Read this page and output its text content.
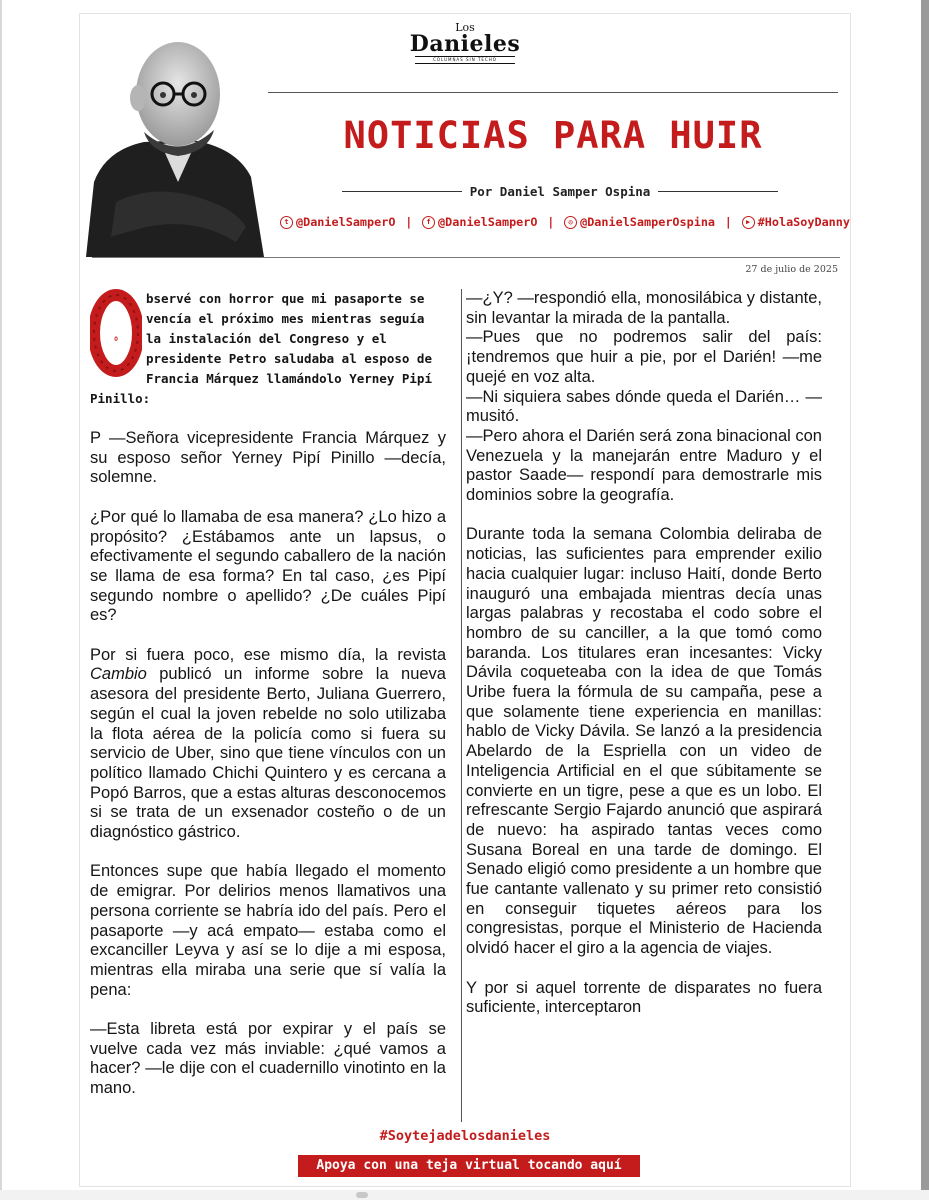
Los
Danieles
COLUMNAS SIN TECHO
NOTICIAS PARA HUIR
Por Daniel Samper Ospina
t @DanielSamperO |	f @DanielSamperO |	◎ @DanielSamperOspina |	▶ #HolaSoyDanny
27 de julio de 2025
O
bservé con horror que mi pasaporte se vencía el próximo mes mientras seguía la instalación del Congreso y el presidente Petro saludaba al esposo de Francia Márquez llamándolo Yerney Pipí Pinillo:

P —Señora vicepresidente Francia Márquez y su esposo señor Yerney Pipí Pinillo —decía, solemne.

¿Por qué lo llamaba de esa manera? ¿Lo hizo a propósito? ¿Estábamos ante un lapsus, o efectivamente el segundo caballero de la nación se llama de esa forma? En tal caso, ¿es Pipí segundo nombre o apellido? ¿De cuáles Pipí es?

Por si fuera poco, ese mismo día, la revista Cambio publicó un informe sobre la nueva asesora del presidente Berto, Juliana Guerrero, según el cual la joven rebelde no solo utilizaba la flota aérea de la policía como si fuera su servicio de Uber, sino que tiene vínculos con un político llamado Chichi Quintero y es cercana a Popó Barros, que a estas alturas desconocemos si se trata de un exsenador costeño o de un diagnóstico gástrico.

Entonces supe que había llegado el momento de emigrar. Por delirios menos llamativos una persona corriente se habría ido del país. Pero el pasaporte —y acá empato— estaba como el excanciller Leyva y así se lo dije a mi esposa, mientras ella miraba una serie que sí valía la pena:

—Esta libreta está por expirar y el país se vuelve cada vez más inviable: ¿qué vamos a hacer? —le dije con el cuadernillo vinotinto en la mano.

—¿Y? —respondió ella, monosilábica y distante, sin levantar la mirada de la pantalla.

—Pues que no podremos salir del país: ¡tendremos que huir a pie, por el Darién! —me quejé en voz alta.

—Ni siquiera sabes dónde queda el Darién… —musitó.

—Pero ahora el Darién será zona binacional con Venezuela y la manejarán entre Maduro y el pastor Saade— respondí para demostrarle mis dominios sobre la geografía.

Durante toda la semana Colombia deliraba de noticias, las suficientes para emprender exilio hacia cualquier lugar: incluso Haití, donde Berto inauguró una embajada mientras decía unas largas palabras y recostaba el codo sobre el hombro de su canciller, a la que tomó como baranda. Los titulares eran incesantes: Vicky Dávila coqueteaba con la idea de que Tomás Uribe fuera la fórmula de su campaña, pese a que solamente tiene experiencia en manillas: hablo de Vicky Dávila. Se lanzó a la presidencia Abelardo de la Espriella con un video de Inteligencia Artificial en el que súbitamente se convierte en un tigre, pese a que es un lobo. El refrescante Sergio Fajardo anunció que aspirará de nuevo: ha aspirado tantas veces como Susana Boreal en una tarde de domingo. El Senado eligió como presidente a un hombre que fue cantante vallenato y su primer reto consistió en conseguir tiquetes aéreos para los congresistas, porque el Ministerio de Hacienda olvidó hacer el giro a la agencia de viajes.

Y por si aquel torrente de disparates no fuera suficiente, interceptaron

#Soytejadelosdanieles
Apoya con una teja virtual tocando aquí
